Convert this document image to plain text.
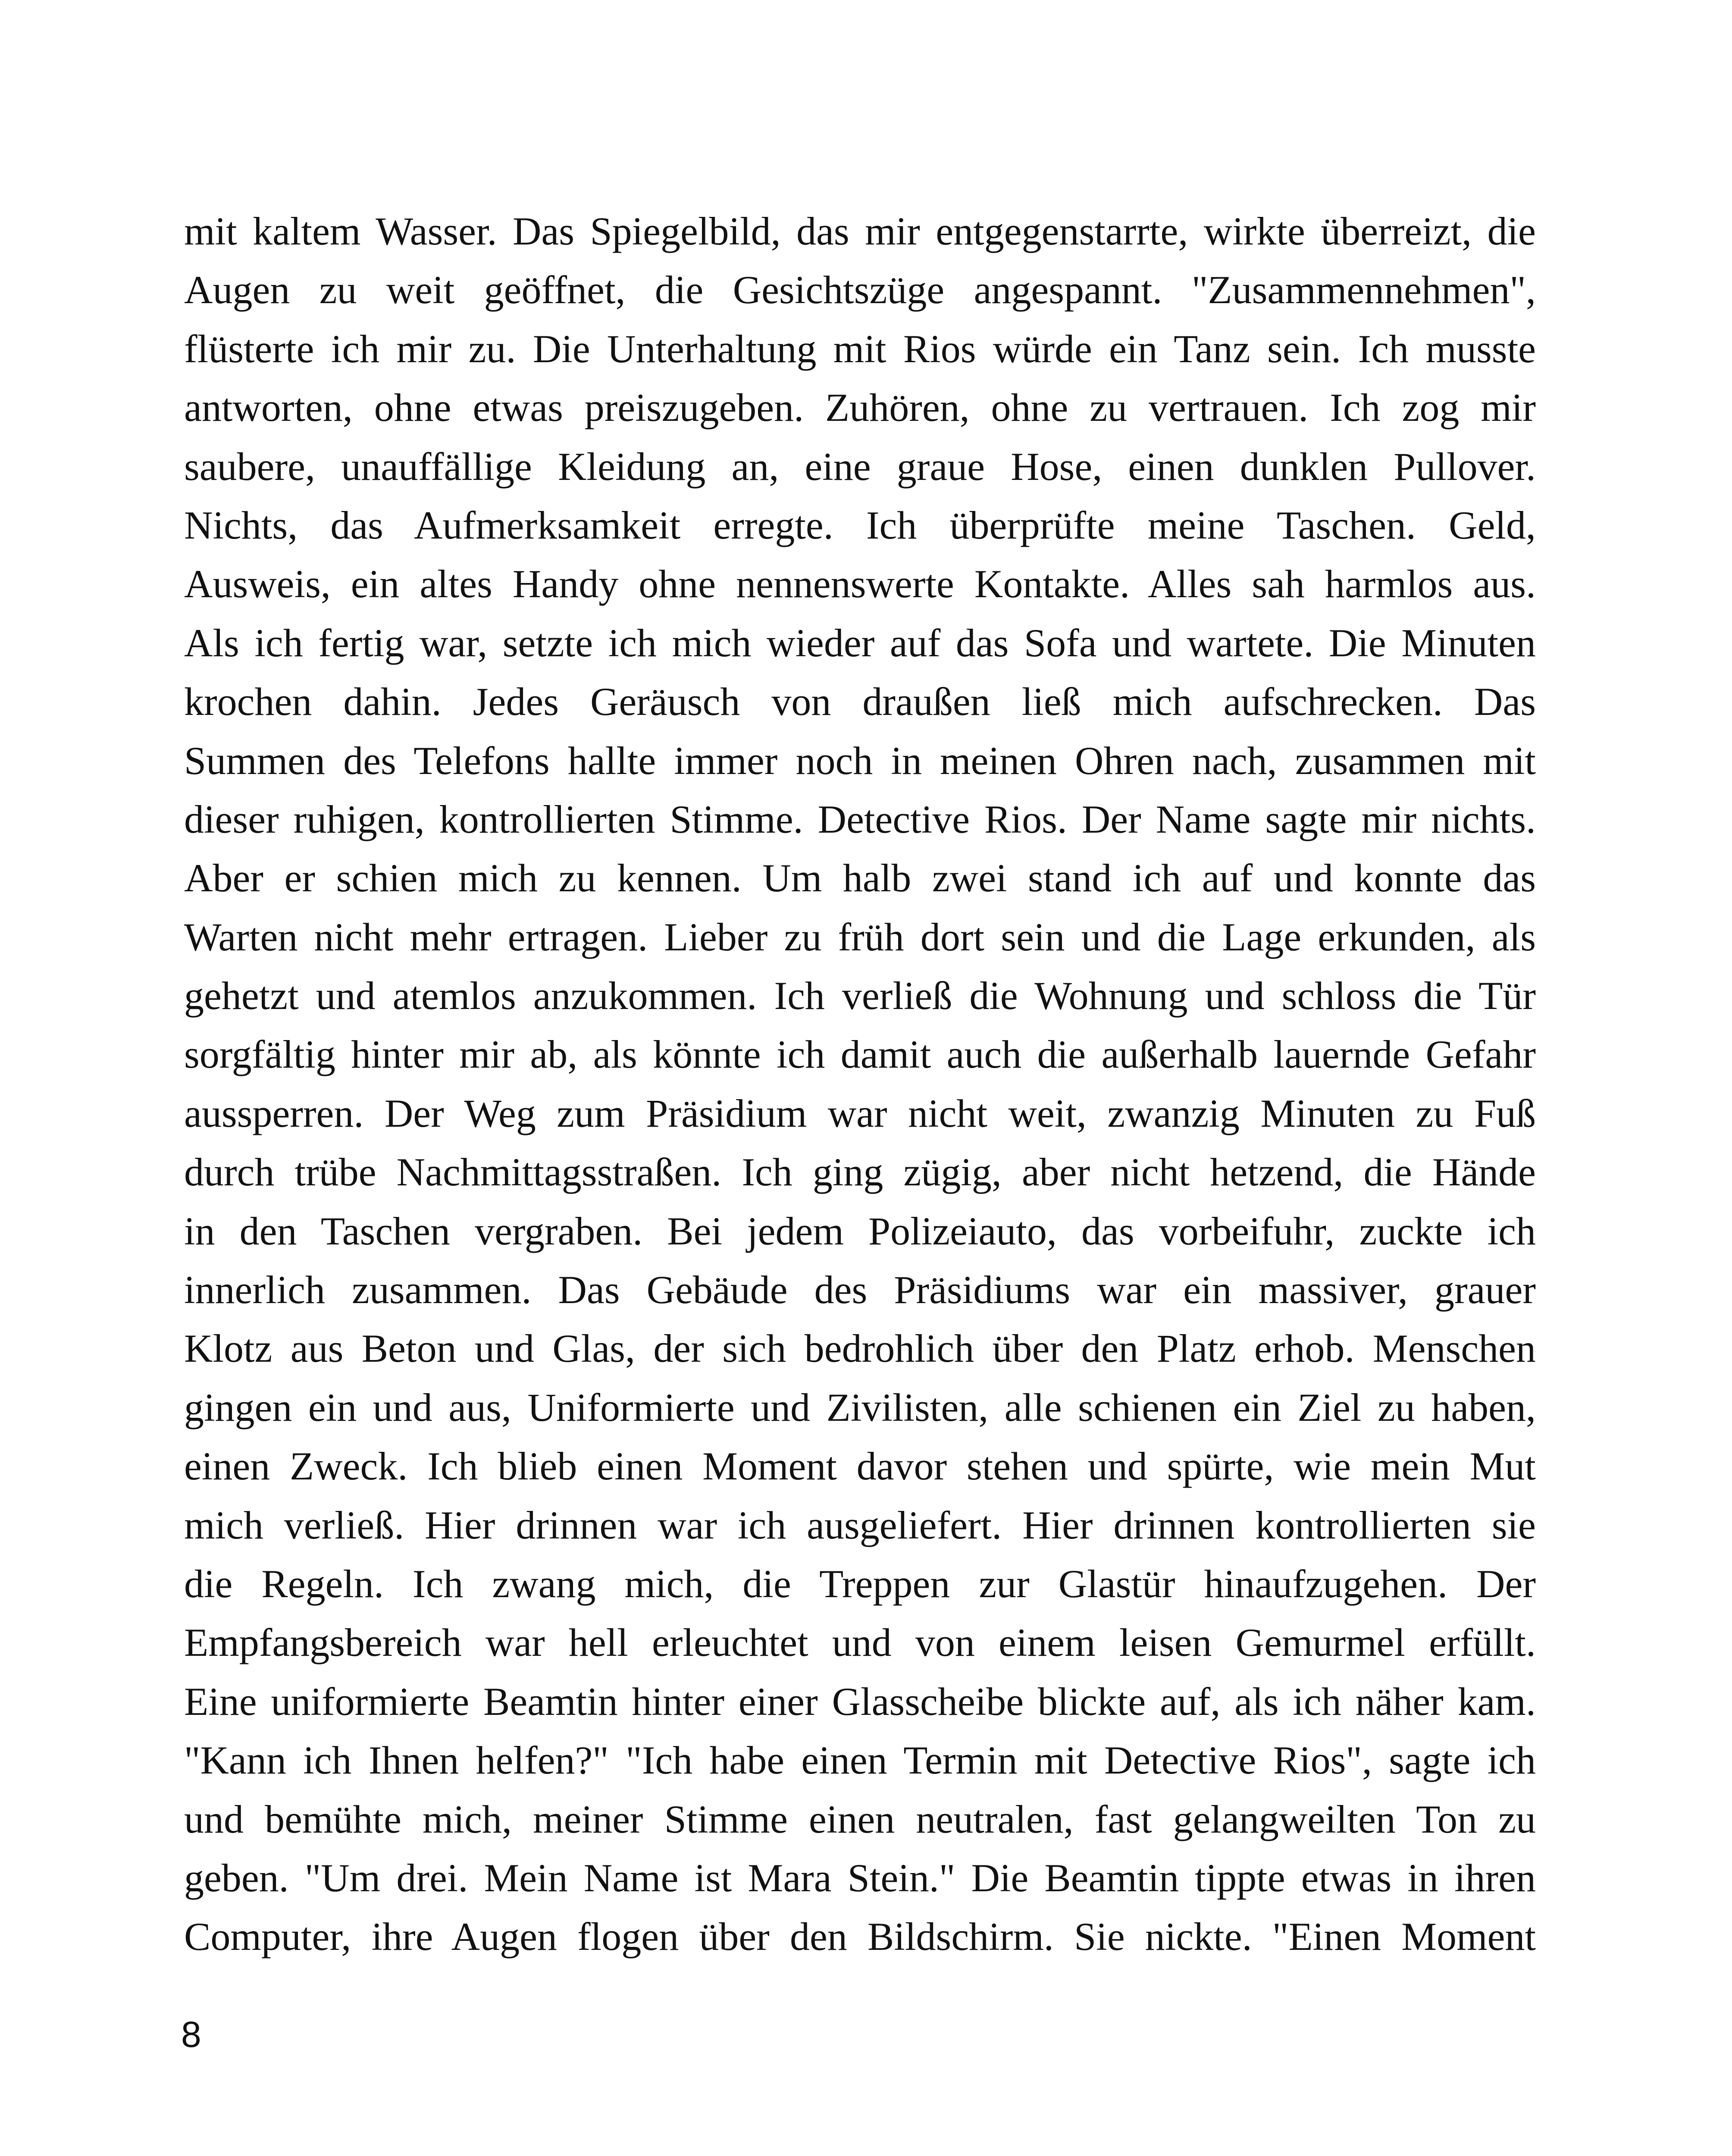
mit kaltem Wasser. Das Spiegelbild, das mir entgegenstarrte, wirkte überreizt, die
Augen zu weit geöffnet, die Gesichtszüge angespannt. "Zusammennehmen",
flüsterte ich mir zu. Die Unterhaltung mit Rios würde ein Tanz sein. Ich musste
antworten, ohne etwas preiszugeben. Zuhören, ohne zu vertrauen. Ich zog mir
saubere, unauffällige Kleidung an, eine graue Hose, einen dunklen Pullover.
Nichts, das Aufmerksamkeit erregte. Ich überprüfte meine Taschen. Geld,
Ausweis, ein altes Handy ohne nennenswerte Kontakte. Alles sah harmlos aus.
Als ich fertig war, setzte ich mich wieder auf das Sofa und wartete. Die Minuten
krochen dahin. Jedes Geräusch von draußen ließ mich aufschrecken. Das
Summen des Telefons hallte immer noch in meinen Ohren nach, zusammen mit
dieser ruhigen, kontrollierten Stimme. Detective Rios. Der Name sagte mir nichts.
Aber er schien mich zu kennen. Um halb zwei stand ich auf und konnte das
Warten nicht mehr ertragen. Lieber zu früh dort sein und die Lage erkunden, als
gehetzt und atemlos anzukommen. Ich verließ die Wohnung und schloss die Tür
sorgfältig hinter mir ab, als könnte ich damit auch die außerhalb lauernde Gefahr
aussperren. Der Weg zum Präsidium war nicht weit, zwanzig Minuten zu Fuß
durch trübe Nachmittagsstraßen. Ich ging zügig, aber nicht hetzend, die Hände
in den Taschen vergraben. Bei jedem Polizeiauto, das vorbeifuhr, zuckte ich
innerlich zusammen. Das Gebäude des Präsidiums war ein massiver, grauer
Klotz aus Beton und Glas, der sich bedrohlich über den Platz erhob. Menschen
gingen ein und aus, Uniformierte und Zivilisten, alle schienen ein Ziel zu haben,
einen Zweck. Ich blieb einen Moment davor stehen und spürte, wie mein Mut
mich verließ. Hier drinnen war ich ausgeliefert. Hier drinnen kontrollierten sie
die Regeln. Ich zwang mich, die Treppen zur Glastür hinaufzugehen. Der
Empfangsbereich war hell erleuchtet und von einem leisen Gemurmel erfüllt.
Eine uniformierte Beamtin hinter einer Glasscheibe blickte auf, als ich näher kam.
"Kann ich Ihnen helfen?" "Ich habe einen Termin mit Detective Rios", sagte ich
und bemühte mich, meiner Stimme einen neutralen, fast gelangweilten Ton zu
geben. "Um drei. Mein Name ist Mara Stein." Die Beamtin tippte etwas in ihren
Computer, ihre Augen flogen über den Bildschirm. Sie nickte. "Einen Moment
8
